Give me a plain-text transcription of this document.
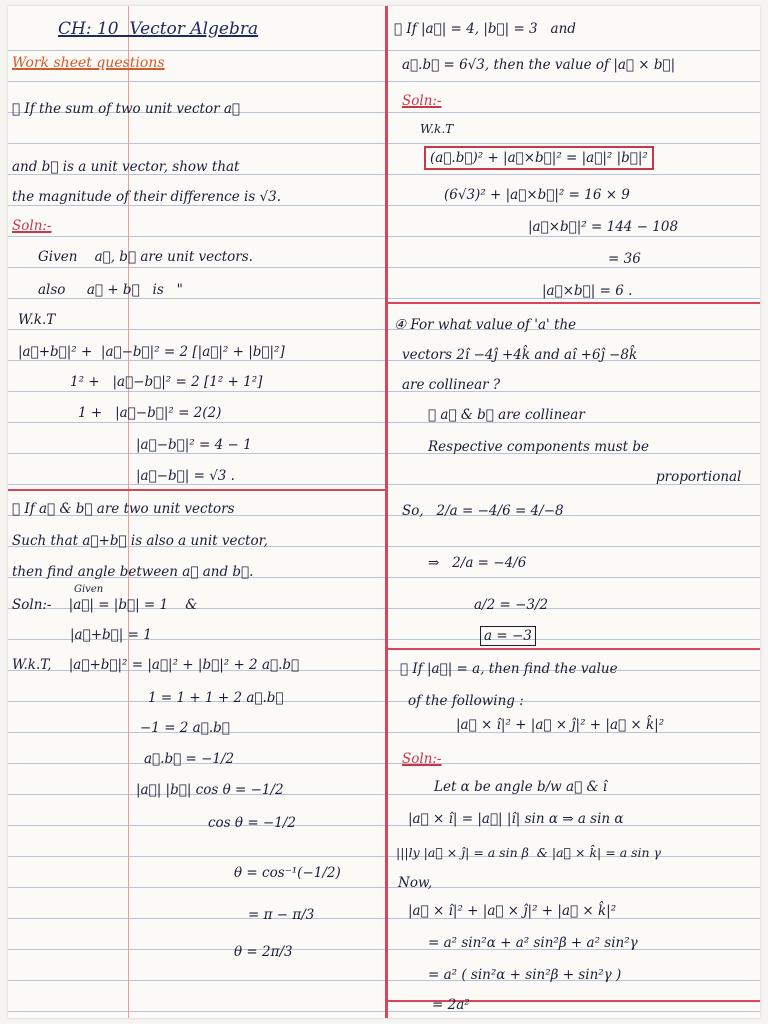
CH: 10  Vector Algebra
Work sheet questions
① If the sum of two unit vector a⃗
and b⃗ is a unit vector, show that
the magnitude of their difference is √3.
Soln:-
Given    a⃗, b⃗ are unit vectors.
also     a⃗ + b⃗   is   "
W.k.T
|a⃗+b⃗|² +  |a⃗−b⃗|² = 2 [|a⃗|² + |b⃗|²]
1² +   |a⃗−b⃗|² = 2 [1² + 1²]
1 +   |a⃗−b⃗|² = 2(2)
|a⃗−b⃗|² = 4 − 1
|a⃗−b⃗| = √3 .
② If a⃗ & b⃗ are two unit vectors
Such that a⃗+b⃗ is also a unit vector,
then find angle between a⃗ and b⃗.
Given
Soln:-    |a⃗| = |b⃗| = 1    &
|a⃗+b⃗| = 1
W.k.T,    |a⃗+b⃗|² = |a⃗|² + |b⃗|² + 2 a⃗.b⃗
1 = 1 + 1 + 2 a⃗.b⃗
−1 = 2 a⃗.b⃗
a⃗.b⃗ = −1/2
|a⃗| |b⃗| cos θ = −1/2
cos θ = −1/2
θ = cos⁻¹(−1/2)
= π − π/3
θ = 2π/3
③ If |a⃗| = 4, |b⃗| = 3   and
a⃗.b⃗ = 6√3, then the value of |a⃗ × b⃗|
Soln:-
W.k.T
(a⃗.b⃗)² + |a⃗×b⃗|² = |a⃗|² |b⃗|²
(6√3)² + |a⃗×b⃗|² = 16 × 9
|a⃗×b⃗|² = 144 − 108
= 36
|a⃗×b⃗| = 6 .
④ For what value of 'a' the
vectors 2î −4ĵ +4k̂ and aî +6ĵ −8k̂
are collinear ?
∵ a⃗ & b⃗ are collinear
Respective components must be
proportional
So,   2/a = −4/6 = 4/−8
⇒   2/a = −4/6
a/2 = −3/2
a = −3
⑤ If |a⃗| = a, then find the value
of the following :
|a⃗ × î|² + |a⃗ × ĵ|² + |a⃗ × k̂|²
Soln:-
Let α be angle b/w a⃗ & î
|a⃗ × î| = |a⃗| |î| sin α ⇒ a sin α
|||ly |a⃗ × ĵ| = a sin β  & |a⃗ × k̂| = a sin γ
Now,
|a⃗ × î|² + |a⃗ × ĵ|² + |a⃗ × k̂|²
= a² sin²α + a² sin²β + a² sin²γ
= a² ( sin²α + sin²β + sin²γ )
= 2a²
